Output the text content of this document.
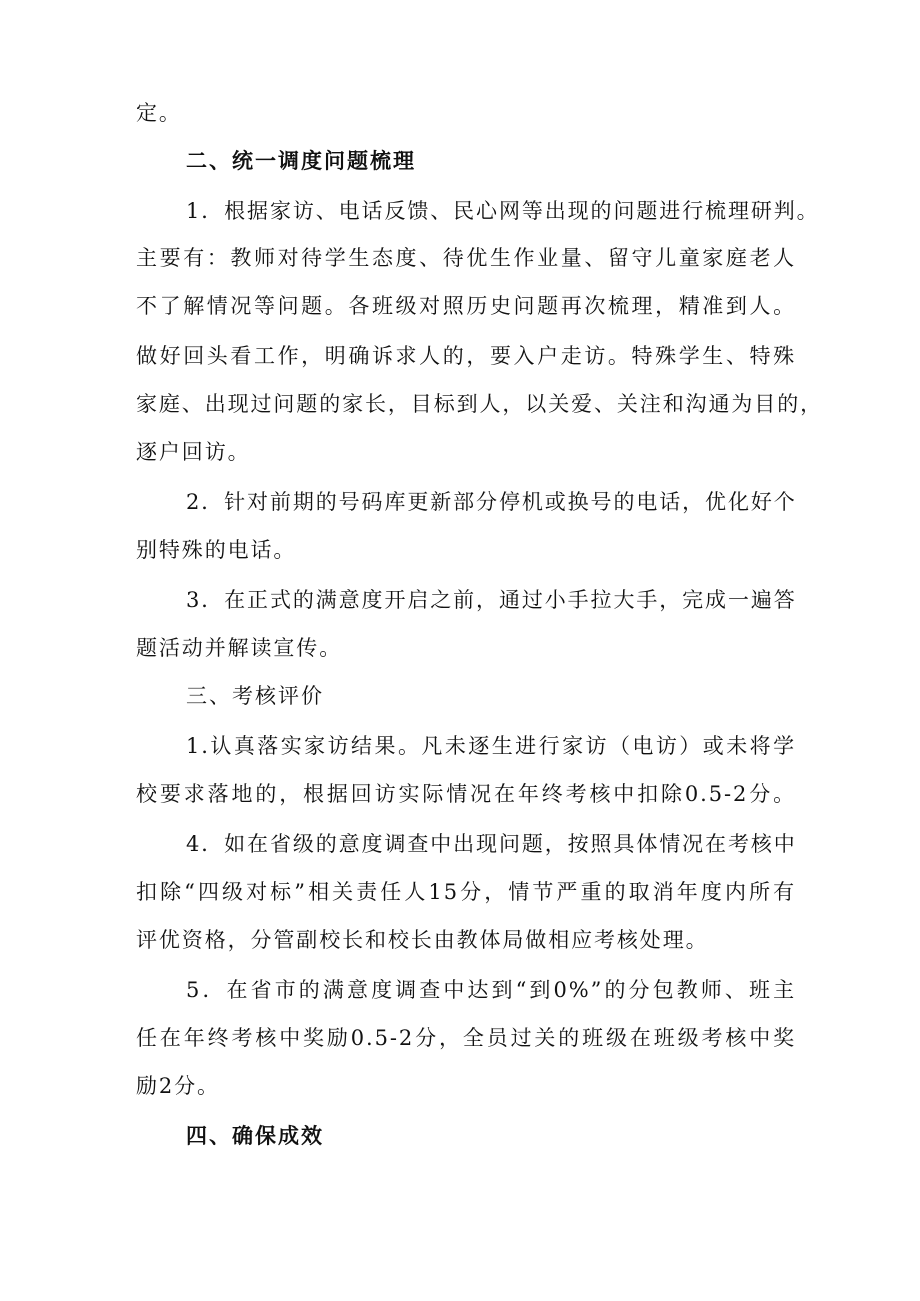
定。
二、统一调度问题梳理
1．根据家访、电话反馈、民心网等出现的问题进行梳理研判。
主要有：教师对待学生态度、待优生作业量、留守儿童家庭老人
不了解情况等问题。各班级对照历史问题再次梳理，精准到人。
做好回头看工作，明确诉求人的，要入户走访。特殊学生、特殊
家庭、出现过问题的家长，目标到人，以关爱、关注和沟通为目的，
逐户回访。
2．针对前期的号码库更新部分停机或换号的电话，优化好个
别特殊的电话。
3．在正式的满意度开启之前，通过小手拉大手，完成一遍答
题活动并解读宣传。
三、考核评价
1.认真落实家访结果。凡未逐生进行家访（电访）或未将学
校要求落地的，根据回访实际情况在年终考核中扣除0.5-2分。
4．如在省级的意度调查中出现问题，按照具体情况在考核中
扣除“四级对标”相关责任人15分，情节严重的取消年度内所有
评优资格，分管副校长和校长由教体局做相应考核处理。
5．在省市的满意度调查中达到“到0%”的分包教师、班主
任在年终考核中奖励0.5-2分，全员过关的班级在班级考核中奖
励2分。
四、确保成效
